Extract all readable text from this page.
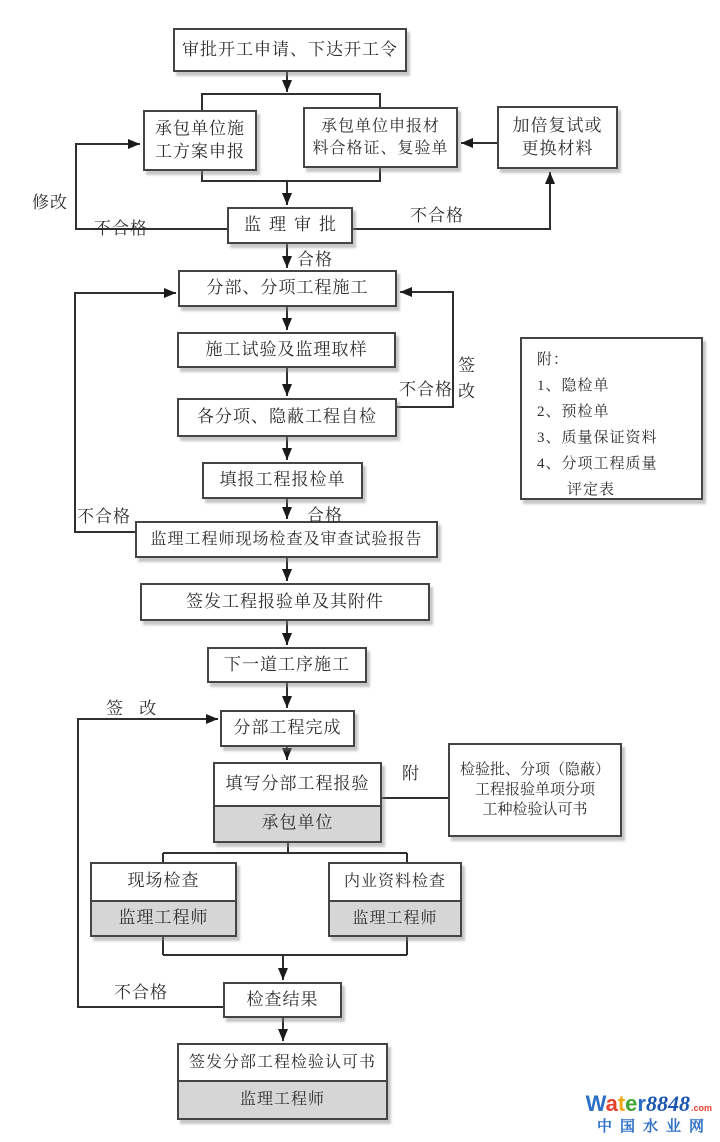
审批开工申请、下达开工令
承包单位施
工方案申报
承包单位申报材
料合格证、复验单
加倍复试或
更换材料
监理审批
分部、分项工程施工
施工试验及监理取样
各分项、隐蔽工程自检
填报工程报检单
监理工程师现场检查及审查试验报告
签发工程报验单及其附件
下一道工序施工
分部工程完成
填写分部工程报验
承包单位
检验批、分项（隐蔽）
工程报验单项分项
工种检验认可书
现场检查
监理工程师
内业资料检查
监理工程师
检查结果
签发分部工程检验认可书
监理工程师
附：
1、隐检单
2、预检单
3、质量保证资料
4、分项工程质量
评定表
修改
不合格
不合格
合格
不合格
签
改
不合格	合格
签 改
附
不合格
Water 8848 .com
中国水业网
